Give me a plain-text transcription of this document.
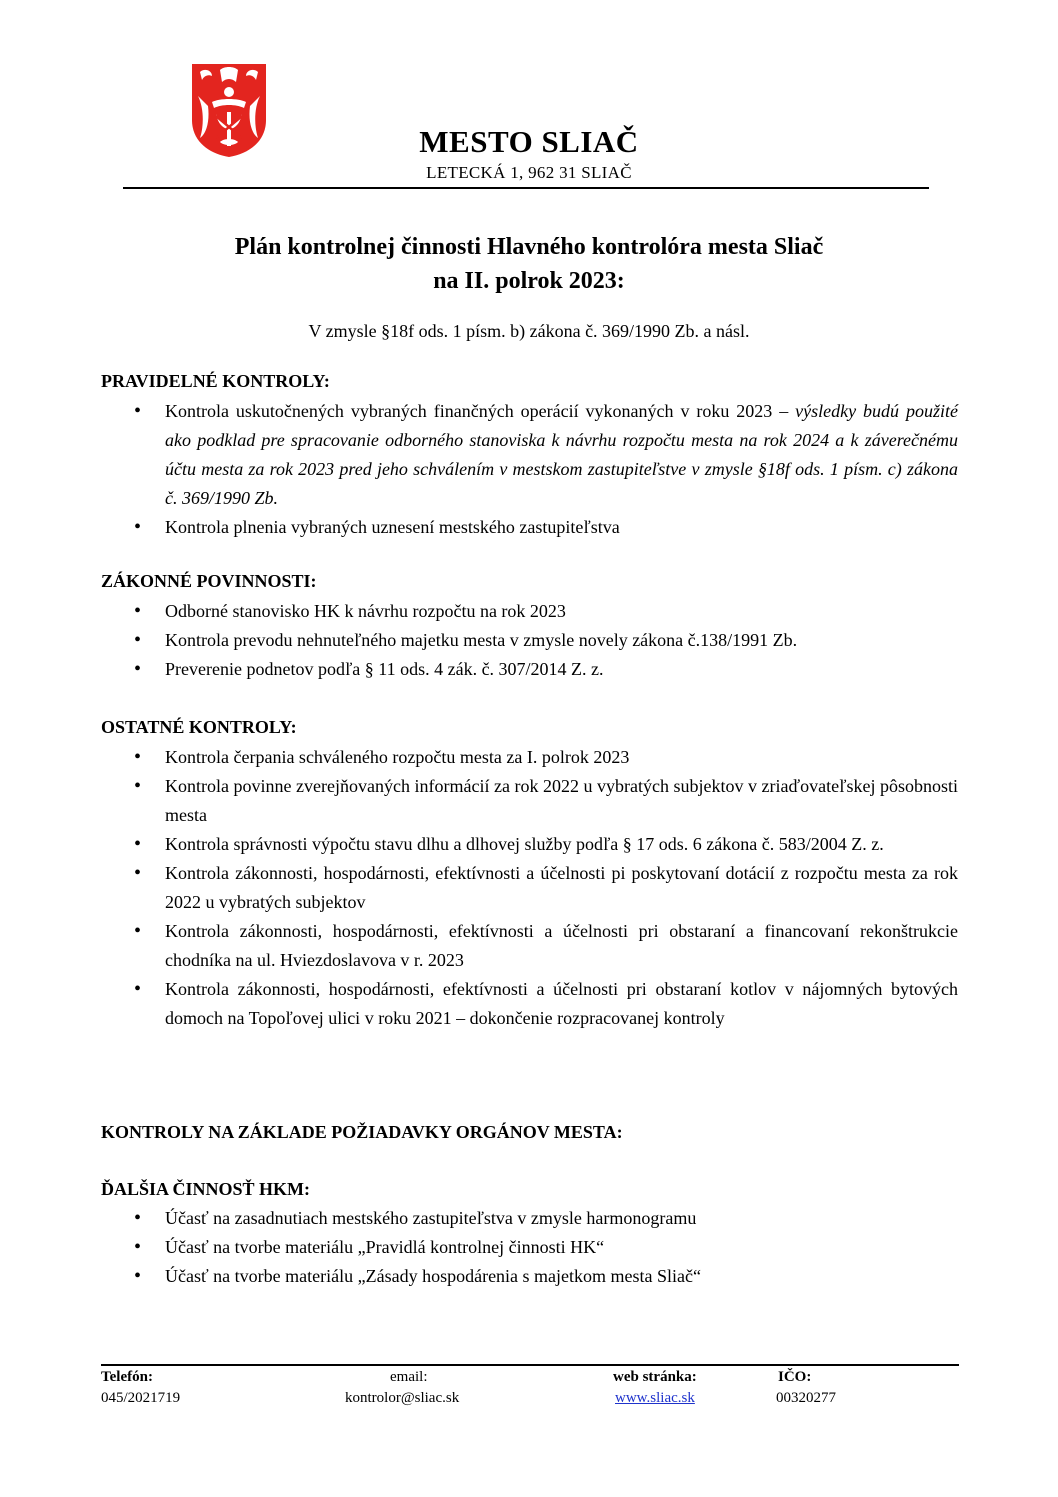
MESTO SLIAČ
LETECKÁ 1, 962 31 SLIAČ
Plán kontrolnej činnosti Hlavného kontrolóra mesta Sliač
na II. polrok 2023:
V zmysle §18f ods. 1 písm. b) zákona č. 369/1990 Zb. a násl.
PRAVIDELNÉ KONTROLY:
• Kontrola uskutočnených vybraných finančných operácií vykonaných v roku 2023 – výsledky budú použité ako podklad pre spracovanie odborného stanoviska k návrhu rozpočtu mesta na rok 2024 a k záverečnému účtu mesta za rok 2023 pred jeho schválením v mestskom zastupiteľstve v zmysle §18f ods. 1 písm. c) zákona č. 369/1990 Zb.
• Kontrola plnenia vybraných uznesení mestského zastupiteľstva
ZÁKONNÉ POVINNOSTI:
• Odborné stanovisko HK k návrhu rozpočtu na rok 2023
• Kontrola prevodu nehnuteľného majetku mesta v zmysle novely zákona č.138/1991 Zb.
• Preverenie podnetov podľa § 11 ods. 4 zák. č. 307/2014 Z. z.
OSTATNÉ KONTROLY:
• Kontrola čerpania schváleného rozpočtu mesta za I. polrok 2023
• Kontrola povinne zverejňovaných informácií za rok 2022 u vybratých subjektov v zriaďovateľskej pôsobnosti mesta
• Kontrola správnosti výpočtu stavu dlhu a dlhovej služby podľa § 17 ods. 6 zákona č. 583/2004 Z. z.
• Kontrola zákonnosti, hospodárnosti, efektívnosti a účelnosti pi poskytovaní dotácií z rozpočtu mesta za rok 2022 u vybratých subjektov
• Kontrola zákonnosti, hospodárnosti, efektívnosti a účelnosti pri obstaraní a financovaní rekonštrukcie chodníka na ul. Hviezdoslavova v r. 2023
• Kontrola zákonnosti, hospodárnosti, efektívnosti a účelnosti pri obstaraní kotlov v nájomných bytových domoch na Topoľovej ulici v roku 2021 – dokončenie rozpracovanej kontroly
KONTROLY NA ZÁKLADE POŽIADAVKY ORGÁNOV MESTA:
ĎALŠIA ČINNOSŤ HKM:
• Účasť na zasadnutiach mestského zastupiteľstva v zmysle harmonogramu
• Účasť na tvorbe materiálu „Pravidlá kontrolnej činnosti HK“
• Účasť na tvorbe materiálu „Zásady hospodárenia s majetkom mesta Sliač“
Telefón:
045/2021719
email:
kontrolor@sliac.sk
web stránka:
www.sliac.sk
IČO:
00320277
